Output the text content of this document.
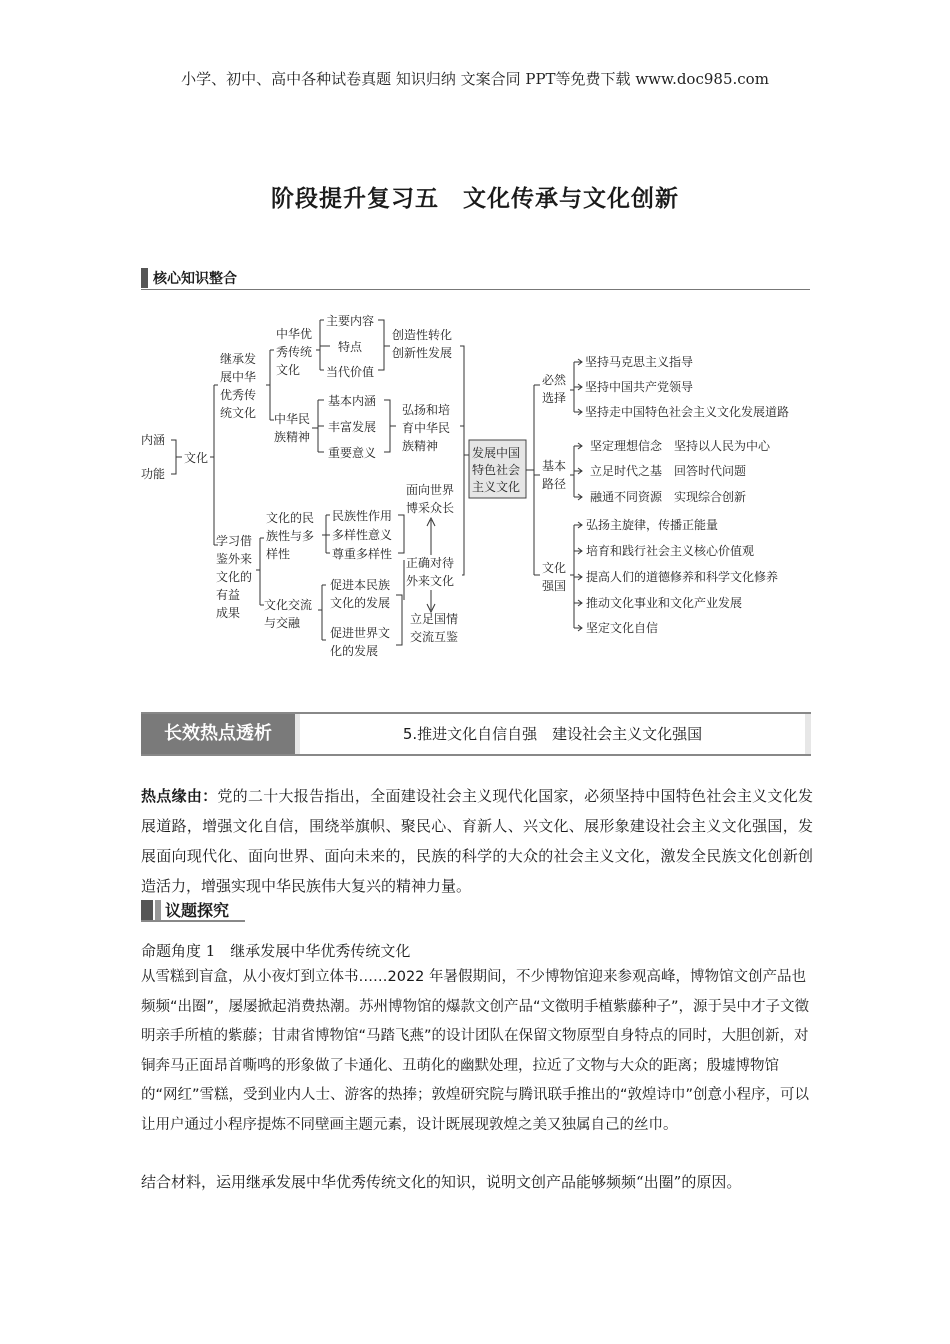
小学、初中、高中各种试卷真题 知识归纳 文案合同 PPT等免费下载 www.doc985.com
阶段提升复习五　文化传承与文化创新
核心知识整合
内涵
功能
文化
继承发
展中华
优秀传
统文化
中华优
秀传统
文化
主要内容
特点
当代价值
创造性转化
创新性发展
中华民
族精神
基本内涵
丰富发展
重要意义
弘扬和培
育中华民
族精神
学习借
鉴外来
文化的
有益
成果
文化的民
族性与多
样性
民族性作用
多样性意义
尊重多样性
文化交流
与交融
促进本民族
文化的发展
促进世界文
化的发展
面向世界
博采众长
正确对待
外来文化
立足国情
交流互鉴
发展中国
特色社会
主义文化
必然
选择
坚持马克思主义指导
坚持中国共产党领导
坚持走中国特色社会主义文化发展道路
基本
路径
坚定理想信念　坚持以人民为中心
立足时代之基　回答时代问题
融通不同资源　实现综合创新
文化
强国
弘扬主旋律，传播正能量
培育和践行社会主义核心价值观
提高人们的道德修养和科学文化修养
推动文化事业和文化产业发展
坚定文化自信
长效热点透析	5.推进文化自信自强　建设社会主义文化强国
热点缘由：党的二十大报告指出，全面建设社会主义现代化国家，必须坚持中国特色社会主义文化发展道路，增强文化自信，围绕举旗帜、聚民心、育新人、兴文化、展形象建设社会主义文化强国，发展面向现代化、面向世界、面向未来的，民族的科学的大众的社会主义文化，激发全民族文化创新创造活力，增强实现中华民族伟大复兴的精神力量。
议题探究
命题角度 1　继承发展中华优秀传统文化
从雪糕到盲盒，从小夜灯到立体书……2022 年暑假期间，不少博物馆迎来参观高峰，博物馆文创产品也频频“出圈”，屡屡掀起消费热潮。苏州博物馆的爆款文创产品“文徵明手植紫藤种子”，源于吴中才子文徵明亲手所植的紫藤；甘肃省博物馆“马踏飞燕”的设计团队在保留文物原型自身特点的同时，大胆创新，对铜奔马正面昂首嘶鸣的形象做了卡通化、丑萌化的幽默处理，拉近了文物与大众的距离；殷墟博物馆的“网红”雪糕，受到业内人士、游客的热捧；敦煌研究院与腾讯联手推出的“敦煌诗巾”创意小程序，可以让用户通过小程序提炼不同壁画主题元素，设计既展现敦煌之美又独属自己的丝巾。
结合材料，运用继承发展中华优秀传统文化的知识，说明文创产品能够频频“出圈”的原因。
